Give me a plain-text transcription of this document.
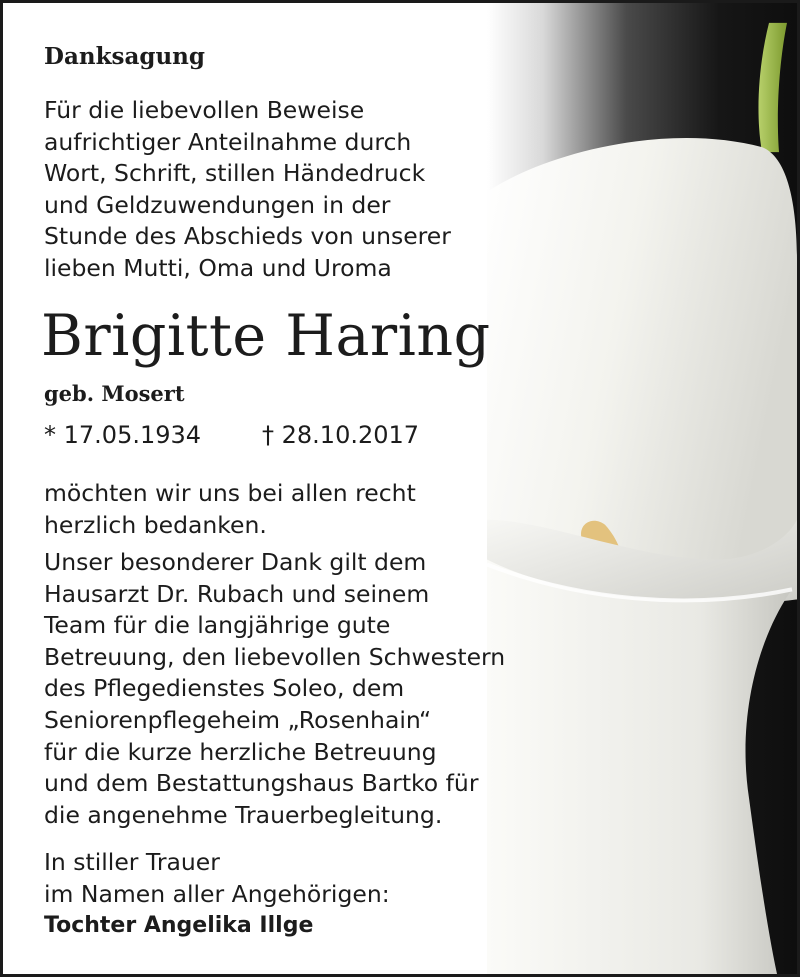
Danksagung
Für die liebevollen Beweise
aufrichtiger Anteilnahme durch
Wort, Schrift, stillen Händedruck
und Geldzuwendungen in der
Stunde des Abschieds von unserer
lieben Mutti, Oma und Uroma
Brigitte Haring
geb. Mosert
* 17.05.1934	† 28.10.2017
möchten wir uns bei allen recht
herzlich bedanken.
Unser besonderer Dank gilt dem
Hausarzt Dr. Rubach und seinem
Team für die langjährige gute
Betreuung, den liebevollen Schwestern
des Pflegedienstes Soleo, dem
Seniorenpflegeheim „Rosenhain“
für die kurze herzliche Betreuung
und dem Bestattungshaus Bartko für
die angenehme Trauerbegleitung.
In stiller Trauer
im Namen aller Angehörigen:
Tochter Angelika Illge
